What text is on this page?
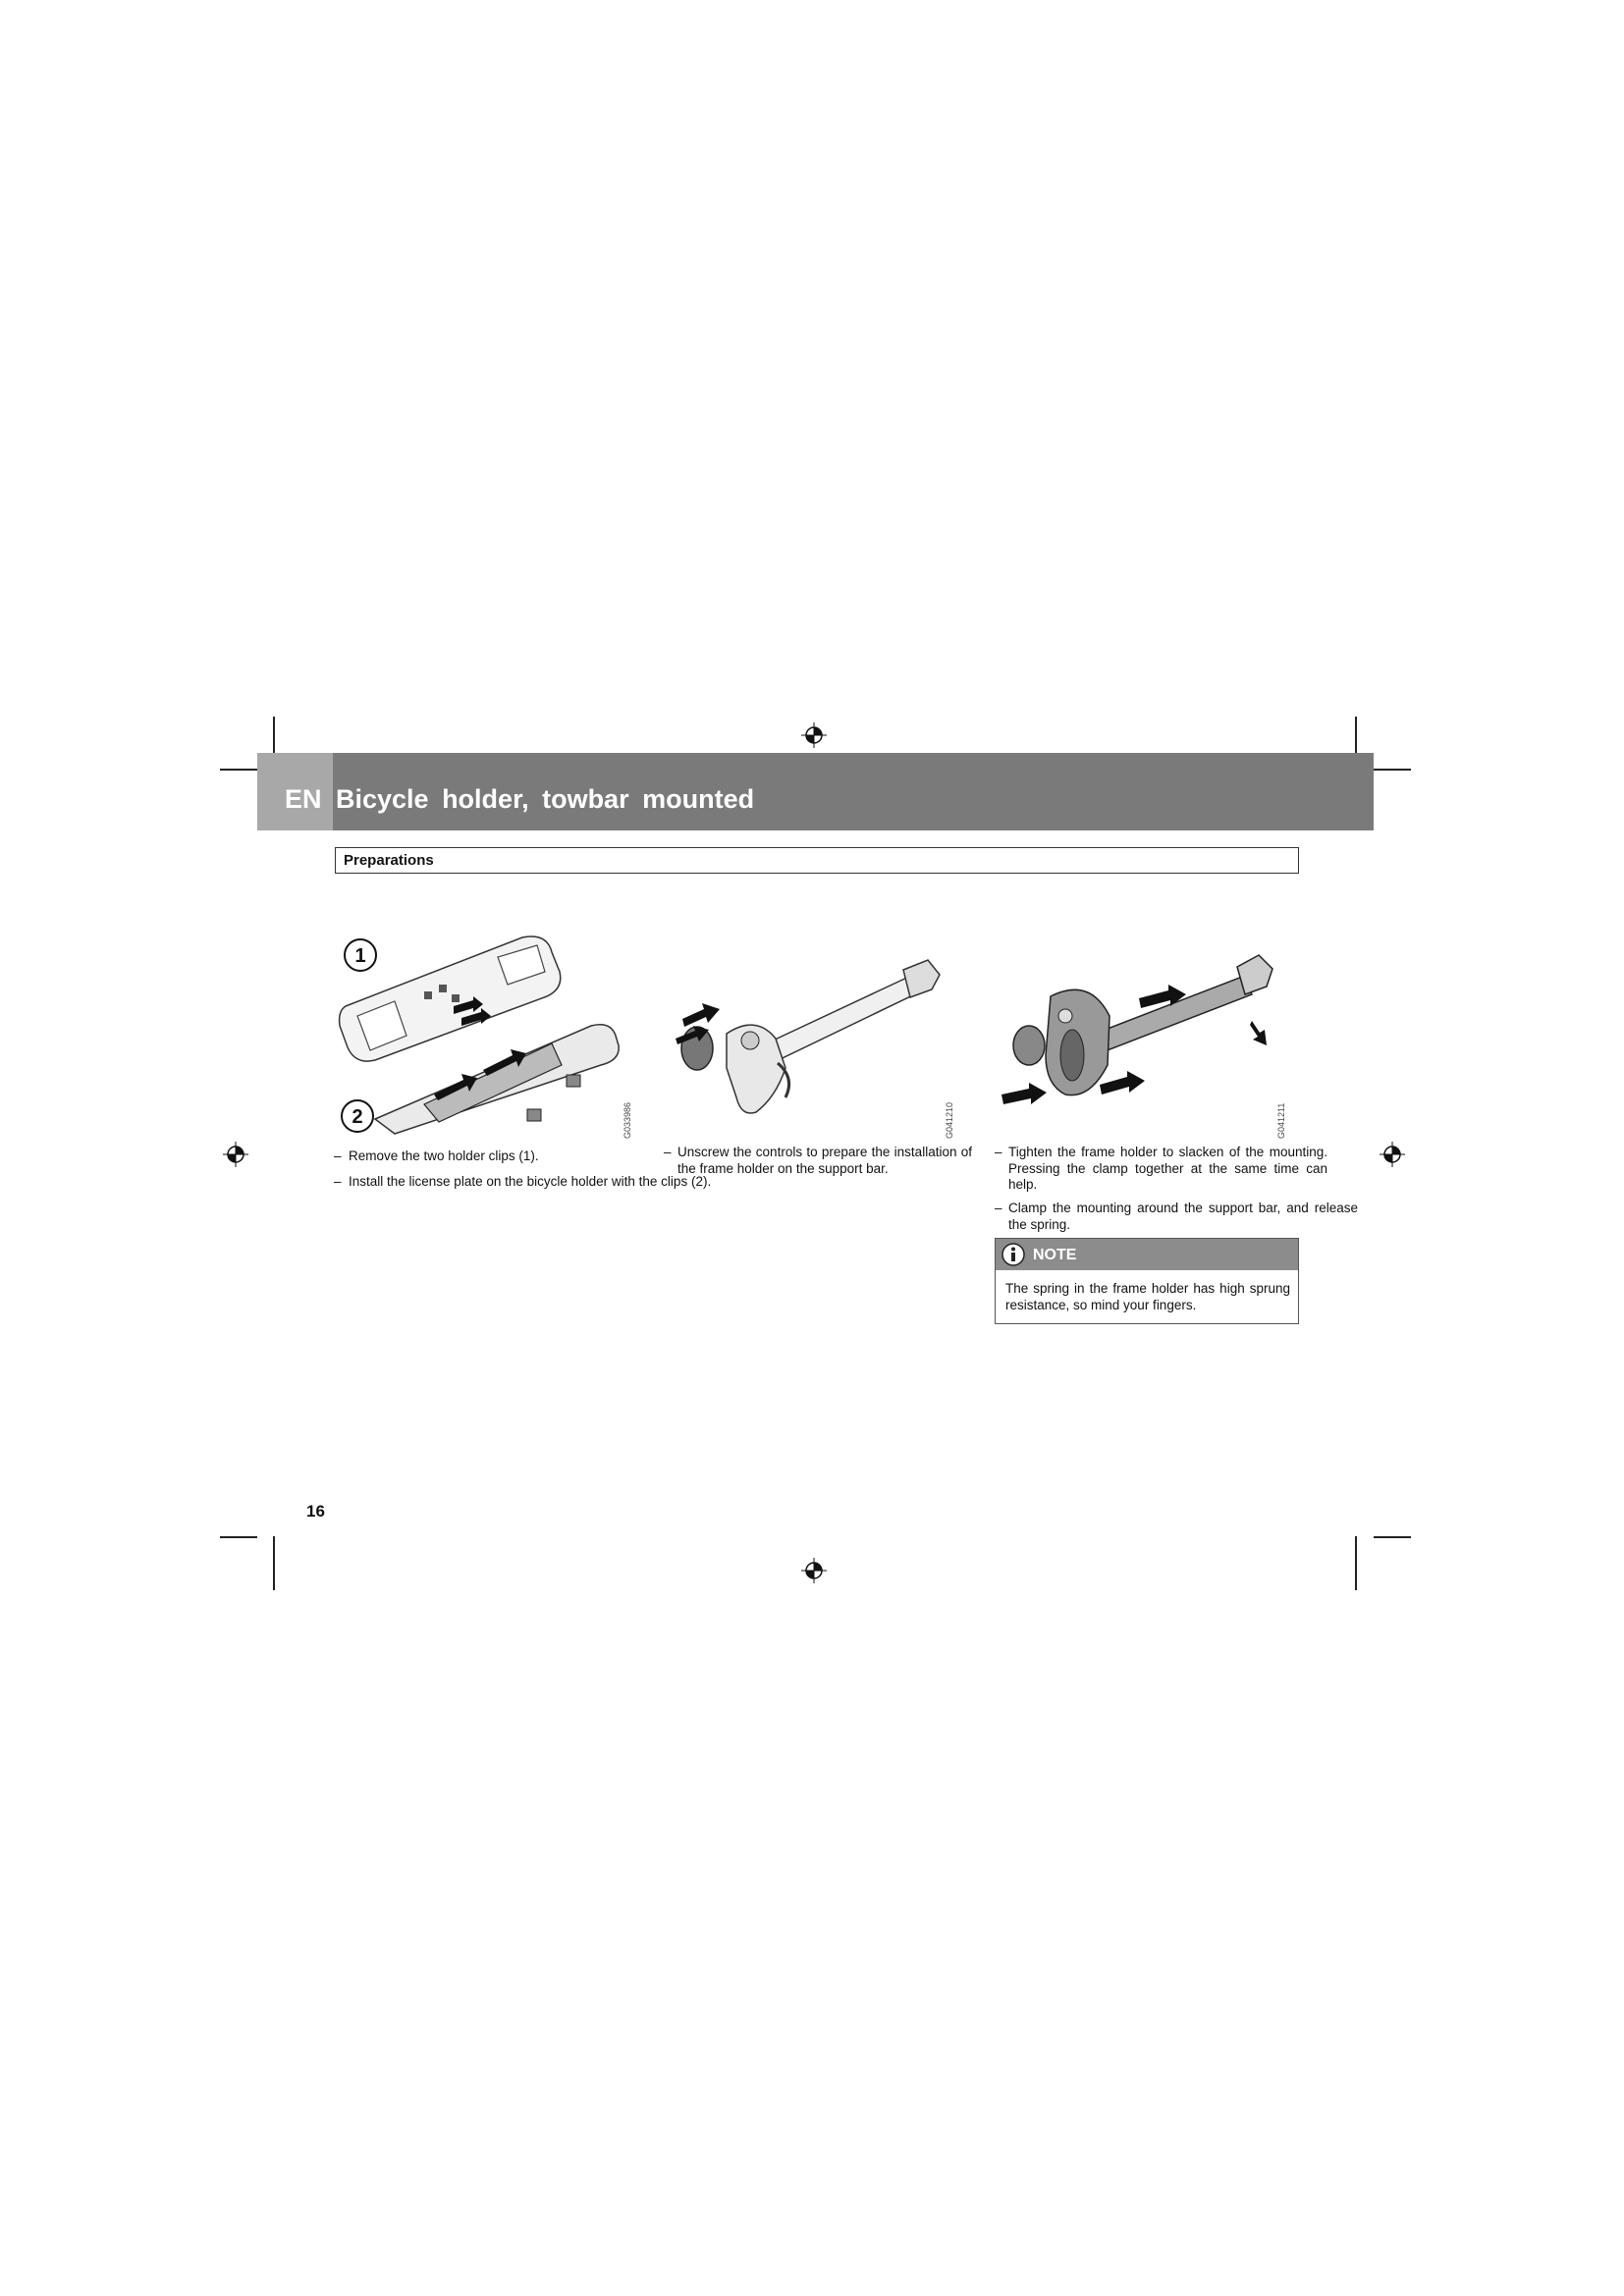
EN Bicycle holder, towbar mounted
Preparations
1
2	G033986	G041210	G041211
– Remove the two holder clips (1).
– Install the license plate on the bicycle holder with the clips (2).
– Unscrew the controls to prepare the installation of the frame holder on the support bar.
– Tighten the frame holder to slacken of the mounting. Pressing the clamp together at the same time can help.
– Clamp the mounting around the support bar, and release the spring.
NOTE
The spring in the frame holder has high sprung resistance, so mind your fingers.
16
